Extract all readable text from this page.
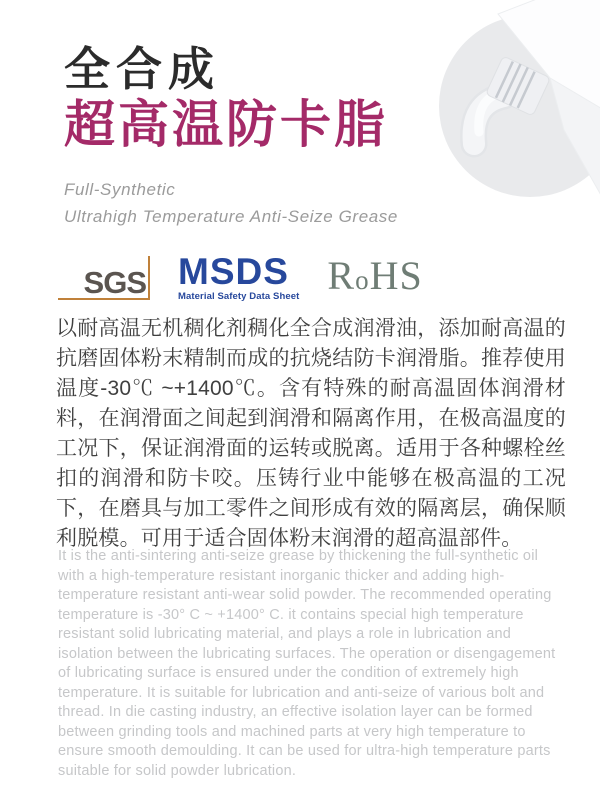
全合成
超高温防卡脂

Full-Synthetic

Ultrahigh Temperature Anti-Seize Grease

SGS MSDS
Material Safety Data Sheet R o HS

以耐高温无机稠化剂稠化全合成润滑油，添加耐高温的抗磨固体粉末精制而成的抗烧结防卡润滑脂。推荐使用温度-30℃ ~+1400℃。含有特殊的耐高温固体润滑材料，在润滑面之间起到润滑和隔离作用，在极高温度的工况下，保证润滑面的运转或脱离。适用于各种螺栓丝扣的润滑和防卡咬。压铸行业中能够在极高温的工况下，在磨具与加工零件之间形成有效的隔离层，确保顺利脱模。可用于适合固体粉末润滑的超高温部件。

It is the anti-sintering anti-seize grease by thickening the full-synthetic oil with a high-temperature resistant inorganic thicker and adding high-temperature resistant anti-wear solid powder. The recommended operating temperature is -30° C ~ +1400° C. it contains special high temperature resistant solid lubricating material, and plays a role in lubrication and isolation between the lubricating surfaces. The operation or disengagement of lubricating surface is ensured under the condition of extremely high temperature. It is suitable for lubrication and anti-seize of various bolt and thread. In die casting industry, an effective isolation layer can be formed between grinding tools and machined parts at very high temperature to ensure smooth demoulding. It can be used for ultra-high temperature parts suitable for solid powder lubrication.
